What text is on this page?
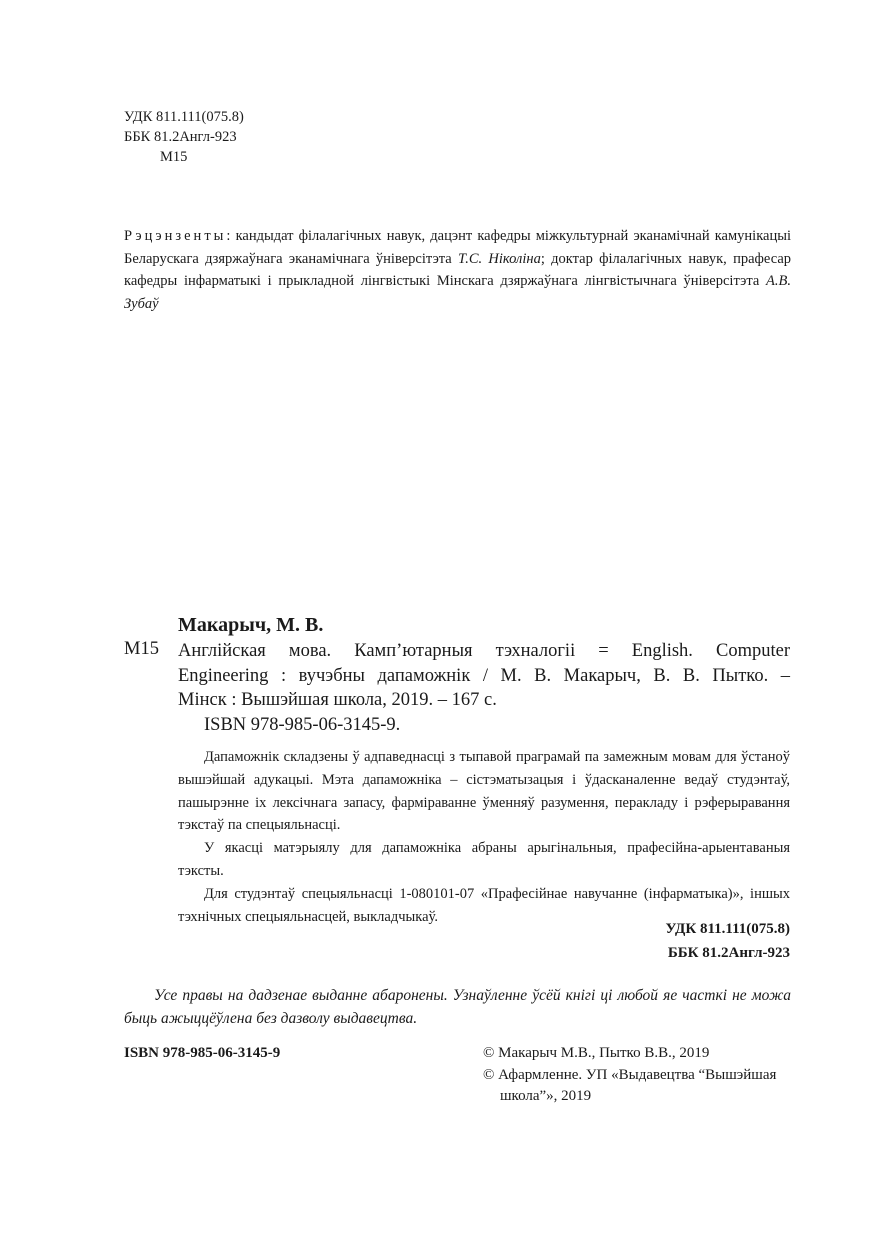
УДК 811.111(075.8)
ББК 81.2Англ-923
М15
Рэцэнзенты: кандыдат філалагічных навук, дацэнт кафедры міжкультурнай эканамічнай камунікацыі Беларускага дзяржаўнага эканамічнага ўніверсітэта Т.С. Ніколіна; доктар філалагічных навук, прафесар кафедры інфарматыкі і прыкладной лінгвістыкі Мінскага дзяржаўнага лінгвістычнага ўніверсітэта А.В. Зубаў
Макарыч, М. В.
М15 Англійская мова. Камп’ютарныя тэхналогіі = English. Computer
Engineering : вучэбны дапаможнік / М. В. Макарыч, В. В. Пытко. –
Мінск : Вышэйшая школа, 2019. – 167 с.
ISBN 978-985-06-3145-9.
Дапаможнік складзены ў адпаведнасці з тыпавой праграмай па замежным мовам для ўстаноў вышэйшай адукацыі. Мэта дапаможніка – сістэматызацыя і ўдасканаленне ведаў студэнтаў, пашырэнне іх лексічнага запасу, фарміраванне ўменняў разумення, перакладу і рэферыравання тэкстаў па спецыяльнасці.
У якасці матэрыялу для дапаможніка абраны арыгінальныя, прафесійна-арыентаваныя тэксты.
Для студэнтаў спецыяльнасці 1-080101-07 «Прафесійнае навучанне (інфарматыка)», іншых тэхнічных спецыяльнасцей, выкладчыкаў.
УДК 811.111(075.8)
ББК 81.2Англ-923
Усе правы на дадзенае выданне абаронены. Узнаўленне ўсёй кнігі ці любой яе часткі не можа быць ажыццёўлена без дазволу выдавецтва.
ISBN 978-985-06-3145-9	© Макарыч М.В., Пытко В.В., 2019
© Афармленне. УП «Выдавецтва “Вышэйшая школа”», 2019
